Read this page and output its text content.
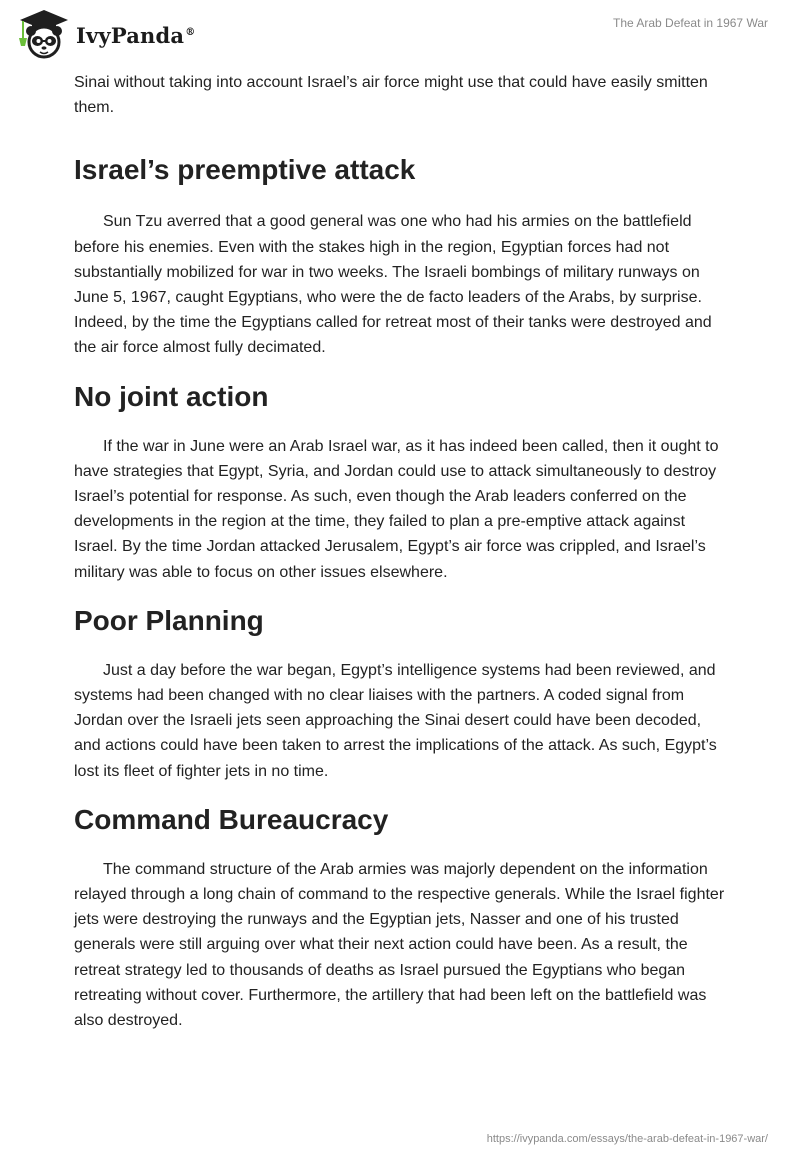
IvyPanda®
The Arab Defeat in 1967 War

Sinai without taking into account Israel’s air force might use that could have easily smitten them.

Israel’s preemptive attack

Sun Tzu averred that a good general was one who had his armies on the battlefield before his enemies. Even with the stakes high in the region, Egyptian forces had not substantially mobilized for war in two weeks. The Israeli bombings of military runways on June 5, 1967, caught Egyptians, who were the de facto leaders of the Arabs, by surprise. Indeed, by the time the Egyptians called for retreat most of their tanks were destroyed and the air force almost fully decimated.

No joint action

If the war in June were an Arab Israel war, as it has indeed been called, then it ought to have strategies that Egypt, Syria, and Jordan could use to attack simultaneously to destroy Israel’s potential for response. As such, even though the Arab leaders conferred on the developments in the region at the time, they failed to plan a pre-emptive attack against Israel. By the time Jordan attacked Jerusalem, Egypt’s air force was crippled, and Israel’s military was able to focus on other issues elsewhere.

Poor Planning

Just a day before the war began, Egypt’s intelligence systems had been reviewed, and systems had been changed with no clear liaises with the partners. A coded signal from Jordan over the Israeli jets seen approaching the Sinai desert could have been decoded, and actions could have been taken to arrest the implications of the attack. As such, Egypt’s lost its fleet of fighter jets in no time.

Command Bureaucracy

The command structure of the Arab armies was majorly dependent on the information relayed through a long chain of command to the respective generals. While the Israel fighter jets were destroying the runways and the Egyptian jets, Nasser and one of his trusted generals were still arguing over what their next action could have been. As a result, the retreat strategy led to thousands of deaths as Israel pursued the Egyptians who began retreating without cover. Furthermore, the artillery that had been left on the battlefield was also destroyed.

https://ivypanda.com/essays/the-arab-defeat-in-1967-war/
